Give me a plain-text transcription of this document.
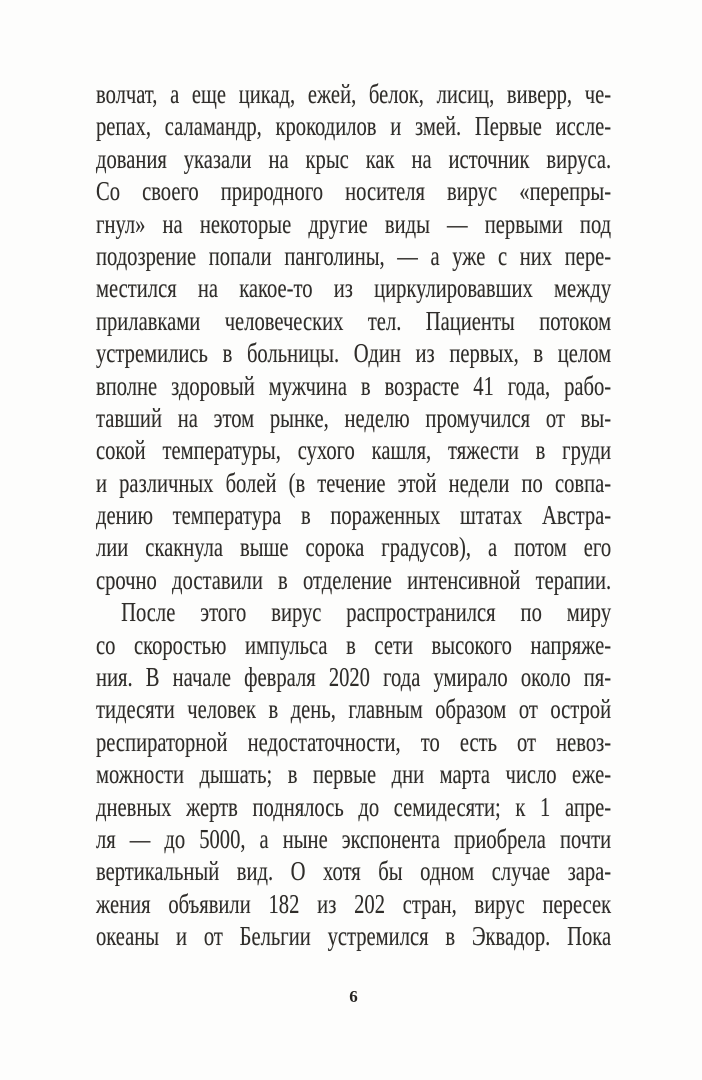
волчат, а еще цикад, ежей, белок, лисиц, виверр, че-
репах, саламандр, крокодилов и змей. Первые иссле-
дования указали на крыс как на источник вируса.
Со своего природного носителя вирус «перепры-
гнул» на некоторые другие виды — первыми под
подозрение попали панголины, — а уже с них пере-
местился на какое-то из циркулировавших между
прилавками человеческих тел. Пациенты потоком
устремились в больницы. Один из первых, в целом
вполне здоровый мужчина в возрасте 41 года, рабо-
тавший на этом рынке, неделю промучился от вы-
сокой температуры, сухого кашля, тяжести в груди
и различных болей (в течение этой недели по совпа-
дению температура в пораженных штатах Австра-
лии скакнула выше сорока градусов), а потом его
срочно доставили в отделение интенсивной терапии.
После этого вирус распространился по миру
со скоростью импульса в сети высокого напряже-
ния. В начале февраля 2020 года умирало около пя-
тидесяти человек в день, главным образом от острой
респираторной недостаточности, то есть от невоз-
можности дышать; в первые дни марта число еже-
дневных жертв поднялось до семидесяти; к 1 апре-
ля — до 5000, а ныне экспонента приобрела почти
вертикальный вид. О хотя бы одном случае зара-
жения объявили 182 из 202 стран, вирус пересек
океаны и от Бельгии устремился в Эквадор. Пока
6
